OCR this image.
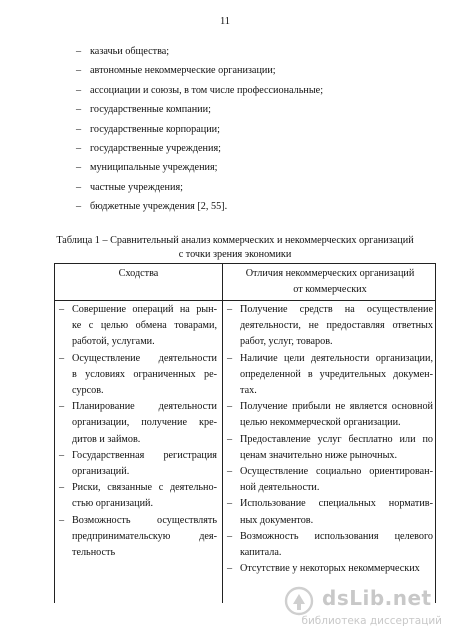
11
– казачьи общества;
– автономные некоммерческие организации;
– ассоциации и союзы, в том числе профессиональные;
– государственные компании;
– государственные корпорации;
– государственные учреждения;
– муниципальные учреждения;
– частные учреждения;
– бюджетные учреждения [2, 55].
Таблица 1 – Сравнительный анализ коммерческих и некоммерческих организаций
с точки зрения экономики
Сходства	Отличия некоммерческих организаций
от коммерческих
– Совершение операций на рын-
ке с целью обмена товарами,
работой, услугами.
– Осуществление деятельности
в условиях ограниченных ре-
сурсов.
– Планирование деятельности
организации, получение кре-
дитов и займов.
– Государственная регистрация
организаций.
– Риски, связанные с деятельно-
стью организаций.
– Возможность осуществлять
предпринимательскую дея-
тельность
– Получение средств на осуществление
деятельности, не предоставляя ответных
работ, услуг, товаров.
– Наличие цели деятельности организации,
определенной в учредительных докумен-
тах.
– Получение прибыли не является основной
целью некоммерческой организации.
– Предоставление услуг бесплатно или по
ценам значительно ниже рыночных.
– Осуществление социально ориентирован-
ной деятельности.
– Использование специальных норматив-
ных документов.
– Возможность использования целевого
капитала.
– Отсутствие у некоторых некоммерческих
dsLib.net
библиотека диссертаций
